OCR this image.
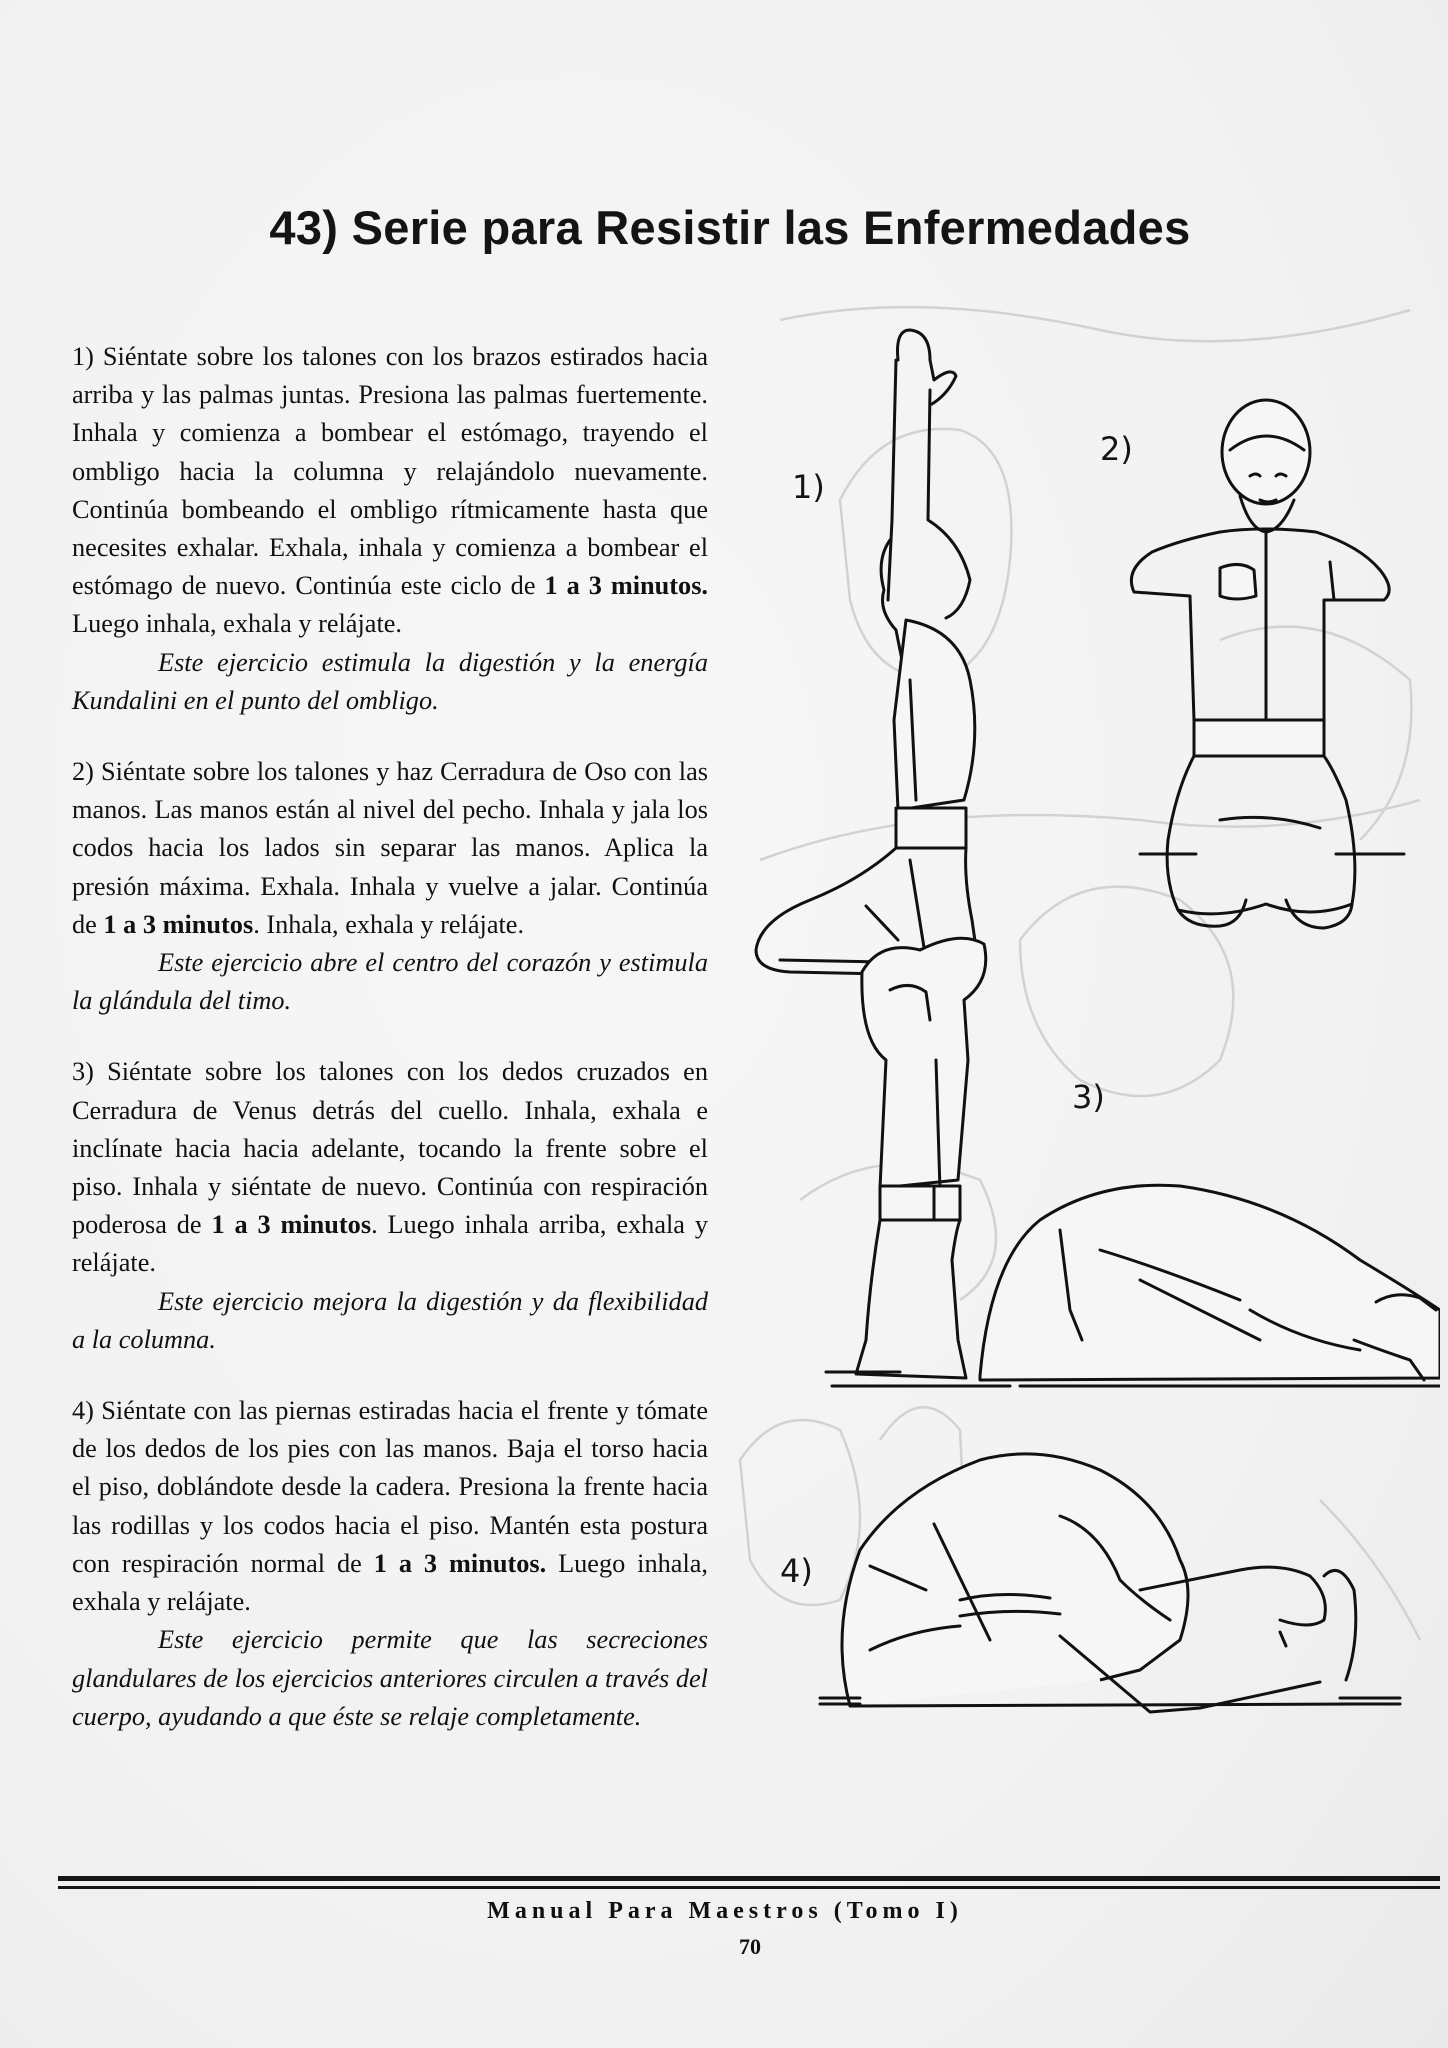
43) Serie para Resistir las Enfermedades
1) Siéntate sobre los talones con los brazos estirados hacia arriba y las palmas juntas. Presiona las palmas fuertemente. Inhala y comienza a bombear el estómago, trayendo el ombligo hacia la columna y relajándolo nuevamente. Continúa bombeando el ombligo rítmicamente hasta que necesites exhalar. Exhala, inhala y comienza a bombear el estómago de nuevo. Continúa este ciclo de 1 a 3 minutos. Luego inhala, exhala y relájate.
Este ejercicio estimula la digestión y la energía Kundalini en el punto del ombligo.
2) Siéntate sobre los talones y haz Cerradura de Oso con las manos. Las manos están al nivel del pecho. Inhala y jala los codos hacia los lados sin separar las manos. Aplica la presión máxima. Exhala. Inhala y vuelve a jalar. Continúa de 1 a 3 minutos. Inhala, exhala y relájate.
Este ejercicio abre el centro del corazón y estimula la glándula del timo.
3) Siéntate sobre los talones con los dedos cruzados en Cerradura de Venus detrás del cuello. Inhala, exhala e inclínate hacia hacia adelante, tocando la frente sobre el piso. Inhala y siéntate de nuevo. Continúa con respiración poderosa de 1 a 3 minutos. Luego inhala arriba, exhala y relájate.
Este ejercicio mejora la digestión y da flexibilidad a la columna.
4) Siéntate con las piernas estiradas hacia el frente y tómate de los dedos de los pies con las manos. Baja el torso hacia el piso, doblándote desde la cadera. Presiona la frente hacia las rodillas y los codos hacia el piso. Mantén esta postura con respiración normal de 1 a 3 minutos. Luego inhala, exhala y relájate.
Este ejercicio permite que las secreciones glandulares de los ejercicios anteriores circulen a través del cuerpo, ayudando a que éste se relaje completamente.
1)
2)
3)
4)
Manual Para Maestros (Tomo I)
70
